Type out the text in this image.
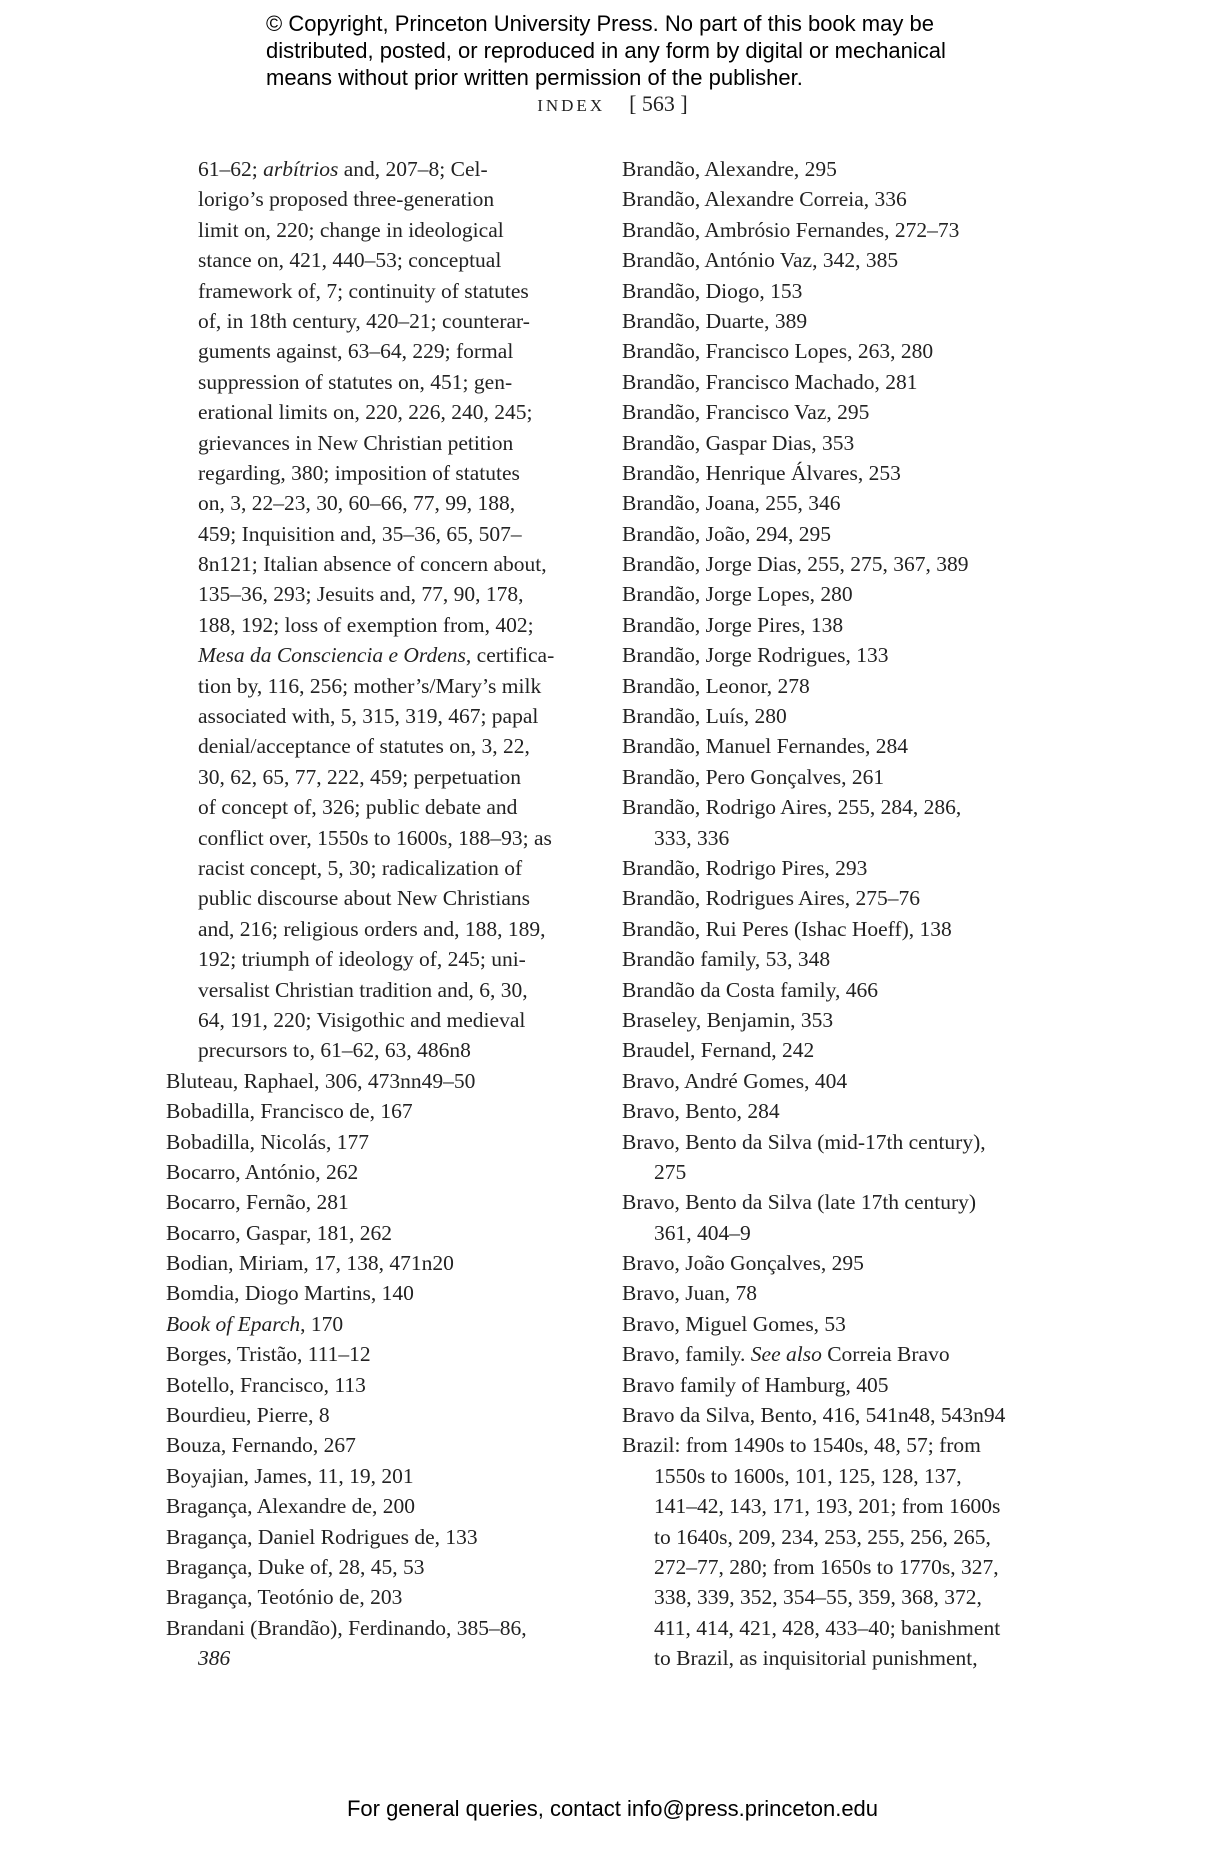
© Copyright, Princeton University Press. No part of this book may be
distributed, posted, or reproduced in any form by digital or mechanical
means without prior written permission of the publisher.
INDEX [ 563 ]
61–62; arbítrios and, 207–8; Cel-
lorigo’s proposed three-generation
limit on, 220; change in ideological
stance on, 421, 440–53; conceptual
framework of, 7; continuity of statutes
of, in 18th century, 420–21; counterar-
guments against, 63–64, 229; formal
suppression of statutes on, 451; gen-
erational limits on, 220, 226, 240, 245;
grievances in New Christian petition
regarding, 380; imposition of statutes
on, 3, 22–23, 30, 60–66, 77, 99, 188,
459; Inquisition and, 35–36, 65, 507–
8n121; Italian absence of concern about,
135–36, 293; Jesuits and, 77, 90, 178,
188, 192; loss of exemption from, 402;
Mesa da Consciencia e Ordens, certifica-
tion by, 116, 256; mother’s/Mary’s milk
associated with, 5, 315, 319, 467; papal
denial/acceptance of statutes on, 3, 22,
30, 62, 65, 77, 222, 459; perpetuation
of concept of, 326; public debate and
conflict over, 1550s to 1600s, 188–93; as
racist concept, 5, 30; radicalization of
public discourse about New Christians
and, 216; religious orders and, 188, 189,
192; triumph of ideology of, 245; uni-
versalist Christian tradition and, 6, 30,
64, 191, 220; Visigothic and medieval
precursors to, 61–62, 63, 486n8
Bluteau, Raphael, 306, 473nn49–50
Bobadilla, Francisco de, 167
Bobadilla, Nicolás, 177
Bocarro, António, 262
Bocarro, Fernão, 281
Bocarro, Gaspar, 181, 262
Bodian, Miriam, 17, 138, 471n20
Bomdia, Diogo Martins, 140
Book of Eparch, 170
Borges, Tristão, 111–12
Botello, Francisco, 113
Bourdieu, Pierre, 8
Bouza, Fernando, 267
Boyajian, James, 11, 19, 201
Bragança, Alexandre de, 200
Bragança, Daniel Rodrigues de, 133
Bragança, Duke of, 28, 45, 53
Bragança, Teotónio de, 203
Brandani (Brandão), Ferdinando, 385–86,
386
Brandão, Alexandre, 295
Brandão, Alexandre Correia, 336
Brandão, Ambrósio Fernandes, 272–73
Brandão, António Vaz, 342, 385
Brandão, Diogo, 153
Brandão, Duarte, 389
Brandão, Francisco Lopes, 263, 280
Brandão, Francisco Machado, 281
Brandão, Francisco Vaz, 295
Brandão, Gaspar Dias, 353
Brandão, Henrique Álvares, 253
Brandão, Joana, 255, 346
Brandão, João, 294, 295
Brandão, Jorge Dias, 255, 275, 367, 389
Brandão, Jorge Lopes, 280
Brandão, Jorge Pires, 138
Brandão, Jorge Rodrigues, 133
Brandão, Leonor, 278
Brandão, Luís, 280
Brandão, Manuel Fernandes, 284
Brandão, Pero Gonçalves, 261
Brandão, Rodrigo Aires, 255, 284, 286,
333, 336
Brandão, Rodrigo Pires, 293
Brandão, Rodrigues Aires, 275–76
Brandão, Rui Peres (Ishac Hoeff), 138
Brandão family, 53, 348
Brandão da Costa family, 466
Braseley, Benjamin, 353
Braudel, Fernand, 242
Bravo, André Gomes, 404
Bravo, Bento, 284
Bravo, Bento da Silva (mid-17th century),
275
Bravo, Bento da Silva (late 17th century)
361, 404–9
Bravo, João Gonçalves, 295
Bravo, Juan, 78
Bravo, Miguel Gomes, 53
Bravo, family. See also Correia Bravo
Bravo family of Hamburg, 405
Bravo da Silva, Bento, 416, 541n48, 543n94
Brazil: from 1490s to 1540s, 48, 57; from
1550s to 1600s, 101, 125, 128, 137,
141–42, 143, 171, 193, 201; from 1600s
to 1640s, 209, 234, 253, 255, 256, 265,
272–77, 280; from 1650s to 1770s, 327,
338, 339, 352, 354–55, 359, 368, 372,
411, 414, 421, 428, 433–40; banishment
to Brazil, as inquisitorial punishment,
For general queries, contact info@press.princeton.edu
